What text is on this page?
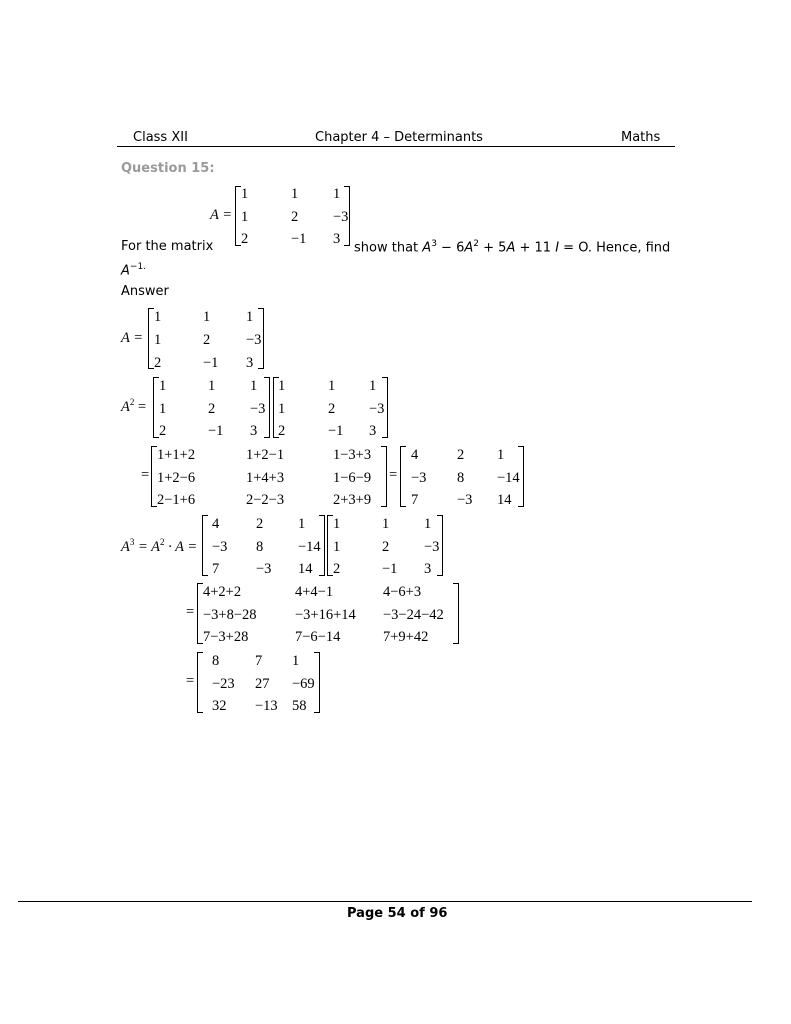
Class XII	Chapter 4 – Determinants	Maths
Question 15:
A =
1	1 1
1	2 −3
2	−1 3
For the matrix	show that $A^3 - 6A^2 + 5A + 11$ I = O. Hence, find
$A^{-1.}$
Answer
A =
1	1 1
1	2 −3
2	−1 3
$A^2$ =
1	1 1
1	2 −3
2	−1 3
1	1 1
1	2 −3
2	−1 3
=
1+1+2	1+2−1	1−3+3
1+2−6	1+4+3	1−6−9
2−1+6	2−2−3	2+3+9
=
4	2 1
−3 8 −14
7	−3 14
$A^3 = A^2 \cdot A$ =
4	2 1
−3 8 −14
7	−3 14
1	1 1
1	2 −3
2	−1 3
=
4+2+2	4+4−1	4−6+3
−3+8−28	−3+16+14 −3−24−42
7−3+28	7−6−14	7+9+42
=
8 7 1
−23 27 −69
32 −13 58
Page 54 of 96
